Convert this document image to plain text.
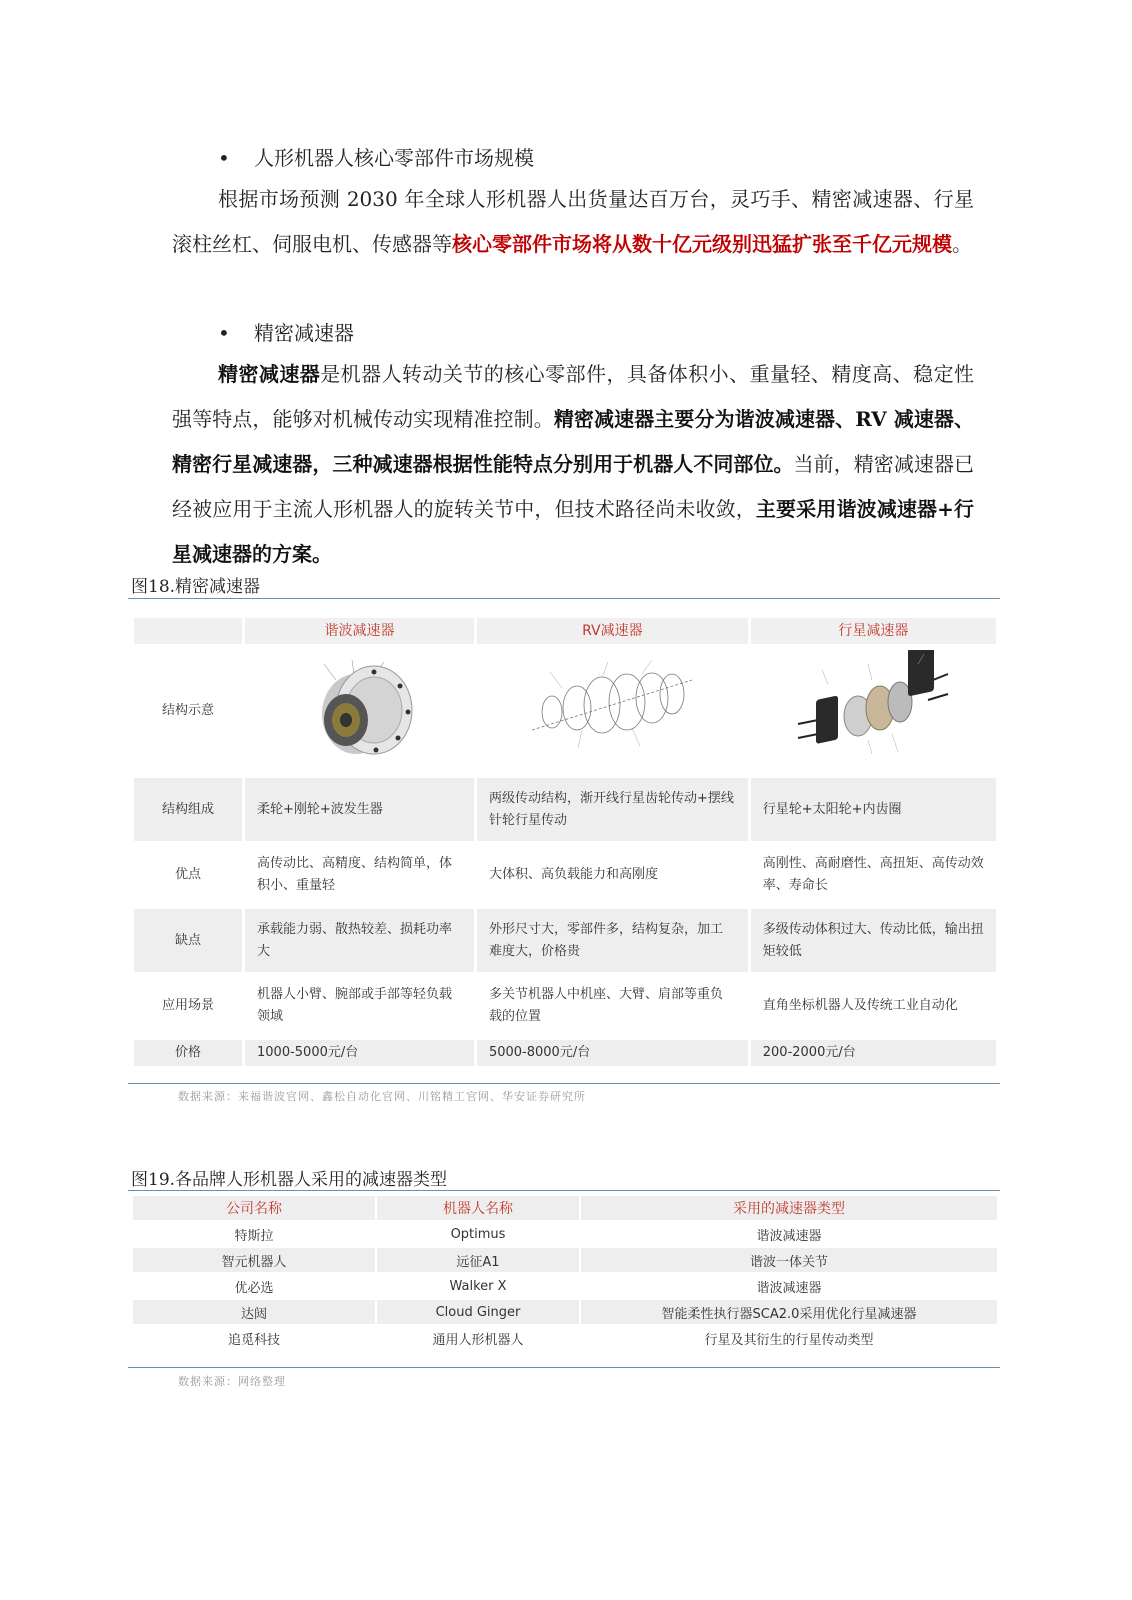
• 人形机器人核心零部件市场规模
根据市场预测 2030 年全球人形机器人出货量达百万台，灵巧手、精密减速器、行星滚柱丝杠、伺服电机、传感器等核心零部件市场将从数十亿元级别迅猛扩张至千亿元规模。
• 精密减速器
精密减速器是机器人转动关节的核心零部件，具备体积小、重量轻、精度高、稳定性强等特点，能够对机械传动实现精准控制。精密减速器主要分为谐波减速器、RV 减速器、精密行星减速器，三种减速器根据性能特点分别用于机器人不同部位。当前，精密减速器已经被应用于主流人形机器人的旋转关节中，但技术路径尚未收敛，主要采用谐波减速器+行星减速器的方案。
图18.精密减速器
	谐波减速器	RV减速器	行星减速器
结构示意			
结构组成	柔轮+刚轮+波发生器	两级传动结构，渐开线行星齿轮传动+摆线针轮行星传动	行星轮+太阳轮+内齿圈
优点	高传动比、高精度、结构简单，体积小、重量轻	大体积、高负载能力和高刚度	高刚性、高耐磨性、高扭矩、高传动效率、寿命长
缺点	承载能力弱、散热较差、损耗功率大	外形尺寸大，零部件多，结构复杂，加工难度大，价格贵	多级传动体积过大、传动比低，输出扭矩较低
应用场景	机器人小臂、腕部或手部等轻负载领域	多关节机器人中机座、大臂、肩部等重负载的位置	直角坐标机器人及传统工业自动化
价格	1000-5000元/台	5000-8000元/台	200-2000元/台
数据来源：来福谐波官网、鑫松自动化官网、川铭精工官网、华安证券研究所
图19.各品牌人形机器人采用的减速器类型
公司名称	机器人名称	采用的减速器类型
特斯拉	Optimus	谐波减速器
智元机器人	远征A1	谐波一体关节
优必选	Walker X	谐波减速器
达闼	Cloud Ginger	智能柔性执行器SCA2.0采用优化行星减速器
追觅科技	通用人形机器人	行星及其衍生的行星传动类型
数据来源：网络整理
